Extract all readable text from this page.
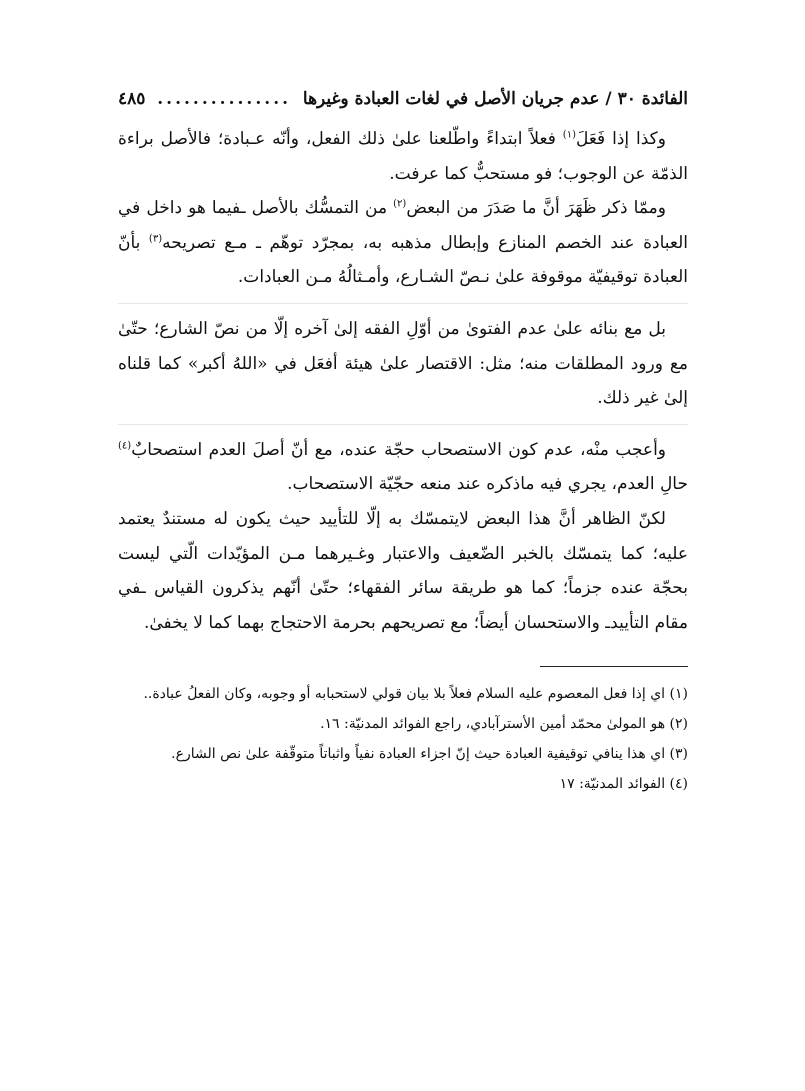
الفائدة ٣٠ / عدم جريان الأصل في لغات العبادة وغيرها
...............
٤٨٥

وكذا إذا فَعَلَ$^{(١)}$ فعلاً ابتداءً واطّلعنا علىٰ ذلك الفعل، وأنّه عـبادة؛ فالأصل براءة الذمّة عن الوجوب؛ فو مستحبٌّ كما عرفت.

وممّا ذكر ظَهَرَ أنَّ ما صَدَرَ من البعض$^{(٢)}$ من التمسُّك بالأصل ـفيما هو داخل في العبادة عند الخصم المنازع وإبطال مذهبه به، بمجرّد توهّم ـ مـع تصريحه$^{(٣)}$ بأنّ العبادة توقيفيّة موقوفة علىٰ نـصّ الشـارع، وأمـثالُهُ مـن العبادات.

بل مع بنائه علىٰ عدم الفتوىٰ من أوّلِ الفقه إلىٰ آخره إلّا من نصّ الشارع؛ حتّىٰ مع ورود المطلقات منه؛ مثل: الاقتصار علىٰ هيئة أفعَل في «اللهُ أكبر» كما قلناه إلىٰ غير ذلك.

وأعجب منْه، عدم كون الاستصحاب حجّة عنده، مع أنّ أصلَ العدم استصحابٌ$^{(٤)}$ حالِ العدم، يجري فيه ماذكره عند منعه حجّيّة الاستصحاب.

لكنّ الظاهر أنَّ هذا البعض لايتمسّك به إلّا للتأييد حيث يكون له مستندٌ يعتمد عليه؛ كما يتمسّك بالخبر الضّعيف والاعتبار وغـيرهما مـن المؤيّدات الّتي ليست بحجّة عنده جزماً؛ كما هو طريقة سائر الفقهاء؛ حتّىٰ أنّهم يذكرون القياس ـفي مقام التأييدـ والاستحسان أيضاً؛ مع تصريحهم بحرمة الاحتجاج بهما كما لا يخفىٰ.

(١) اي إذا فعل المعصوم عليه السلام فعلاً بلا بيان قولي لاستحبابه أو وجوبه، وكان الفعلُ عبادة..

(٢) هو المولىٰ محمّد أمين الأسترآبادي، راجع الفوائد المدنيّة: ١٦.

(٣) اي هذا ينافي توقيفية العبادة حيث إنّ اجزاء العبادة نفياً واثباتاً متوقّفة علىٰ نص الشارع.

(٤) الفوائد المدنيّة: ١٧
